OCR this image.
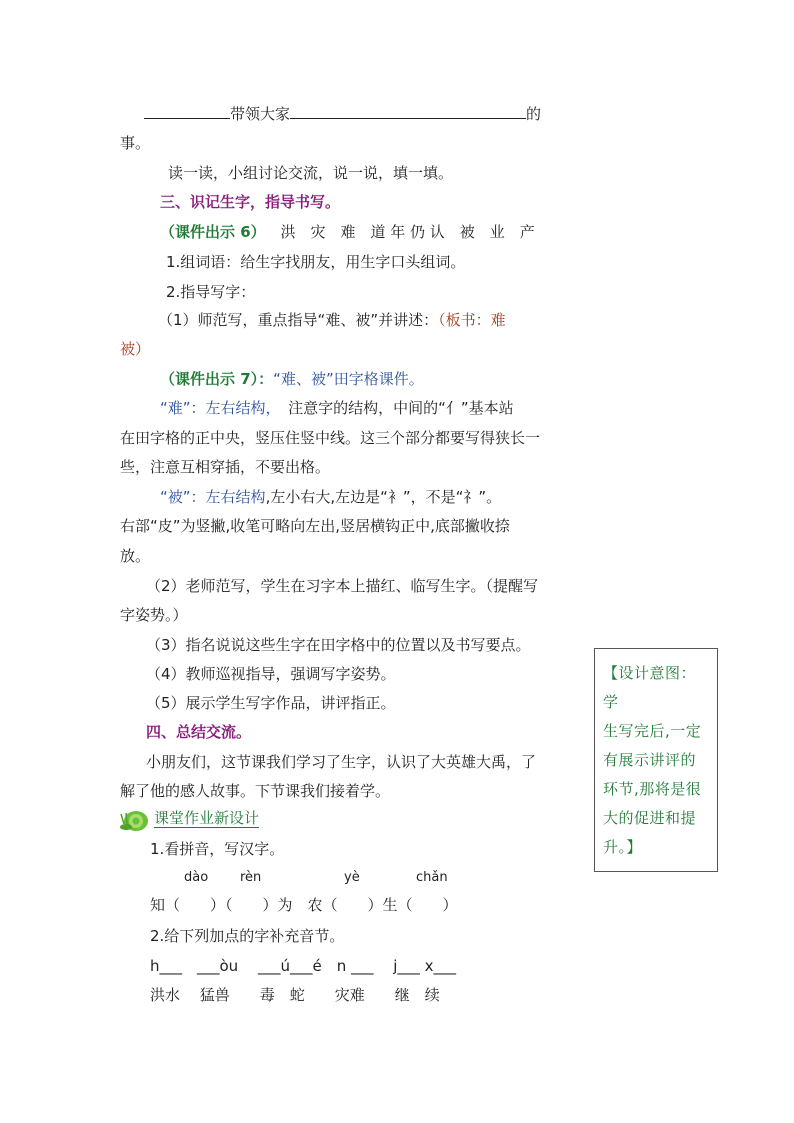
带领大家	的
事。
读一读，小组讨论交流，说一说，填一填。
三、识记生字，指导书写。
（课件出示 6） 洪　灾　难　道 年 仍 认　被　业　产
1.组词语：给生字找朋友，用生字口头组词。
2.指导写字：
（1）师范写，重点指导“难、被”并讲述：（板书：难
被）
（课件出示 7）：“难、被”田字格课件。
“难”：左右结构，　注意字的结构，中间的“亻”基本站
在田字格的正中央，竖压住竖中线。这三个部分都要写得狭长一
些，注意互相穿插，不要出格。
“被”：左右结构,左小右大,左边是“衤”，不是“礻”。
右部“皮”为竖撇,收笔可略向左出,竖居横钩正中,底部撇收捺
放。
（2）老师范写，学生在习字本上描红、临写生字。（提醒写
字姿势。）
（3）指名说说这些生字在田字格中的位置以及书写要点。
（4）教师巡视指导，强调写字姿势。
（5）展示学生写字作品，讲评指正。
四、总结交流。
小朋友们，这节课我们学习了生字，认识了大英雄大禹，了
解了他的感人故事。下节课我们接着学。
课堂作业新设计
1.看拼音，写汉字。
dào rèn	yè	chǎn
知（　　）（　　）为　农（　　）生（　　）
2.给下列加点的字补充音节。
h___　___òu　 ___ú___é　n ___　 j___ x___
洪水　 猛兽　　毒　蛇　　灾难　　继　续
【设计意图：学
生写完后,一定
有展示讲评的
环节,那将是很
大的促进和提
升。】
